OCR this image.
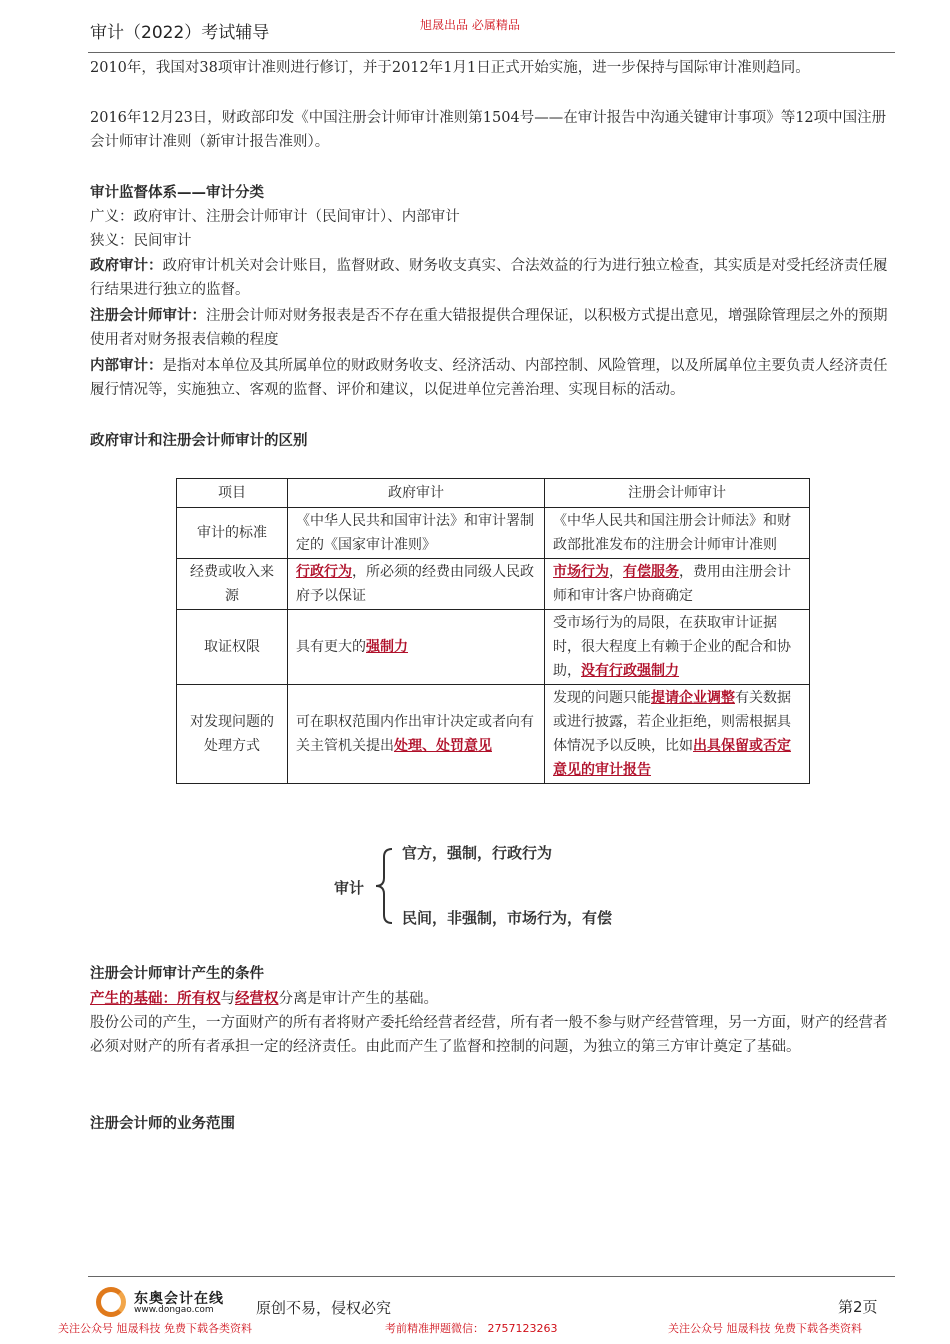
审计（2022）考试辅导	旭晟出品 必属精品

2010年，我国对38项审计准则进行修订，并于2012年1月1日正式开始实施，进一步保持与国际审计准则趋同。

2016年12月23日，财政部印发《中国注册会计师审计准则第1504号——在审计报告中沟通关键审计事项》等12项中国注册会计师审计准则（新审计报告准则）。

审计监督体系——审计分类

广义：政府审计、注册会计师审计（民间审计）、内部审计

狭义：民间审计

政府审计：政府审计机关对会计账目，监督财政、财务收支真实、合法效益的行为进行独立检查，其实质是对受托经济责任履行结果进行独立的监督。

注册会计师审计：注册会计师对财务报表是否不存在重大错报提供合理保证，以积极方式提出意见，增强除管理层之外的预期使用者对财务报表信赖的程度

内部审计：是指对本单位及其所属单位的财政财务收支、经济活动、内部控制、风险管理，以及所属单位主要负责人经济责任履行情况等，实施独立、客观的监督、评价和建议，以促进单位完善治理、实现目标的活动。

政府审计和注册会计师审计的区别

项目	政府审计	注册会计师审计
审计的标准	《中华人民共和国审计法》和审计署制定的《国家审计准则》	《中华人民共和国注册会计师法》和财政部批准发布的注册会计师审计准则
经费或收入来源	行政行为，所必须的经费由同级人民政府予以保证	市场行为，有偿服务，费用由注册会计师和审计客户协商确定
取证权限	具有更大的强制力	受市场行为的局限，在获取审计证据时，很大程度上有赖于企业的配合和协助，没有行政强制力
对发现问题的处理方式	可在职权范围内作出审计决定或者向有关主管机关提出处理、处罚意见	发现的问题只能提请企业调整有关数据或进行披露，若企业拒绝，则需根据具体情况予以反映，比如出具保留或否定意见的审计报告
审计
官方，强制，行政行为
民间，非强制，市场行为，有偿

注册会计师审计产生的条件

产生的基础：所有权与经营权分离是审计产生的基础。

股份公司的产生，一方面财产的所有者将财产委托给经营者经营，所有者一般不参与财产经营管理，另一方面，财产的经营者必须对财产的所有者承担一定的经济责任。由此而产生了监督和控制的问题，为独立的第三方审计奠定了基础。

注册会计师的业务范围

东奥会计在线
www.dongao.com	原创不易，侵权必究	第2页
关注公众号 旭晟科技 免费下载各类资料	考前精准押题微信： 2757123263	关注公众号 旭晟科技 免费下载各类资料
